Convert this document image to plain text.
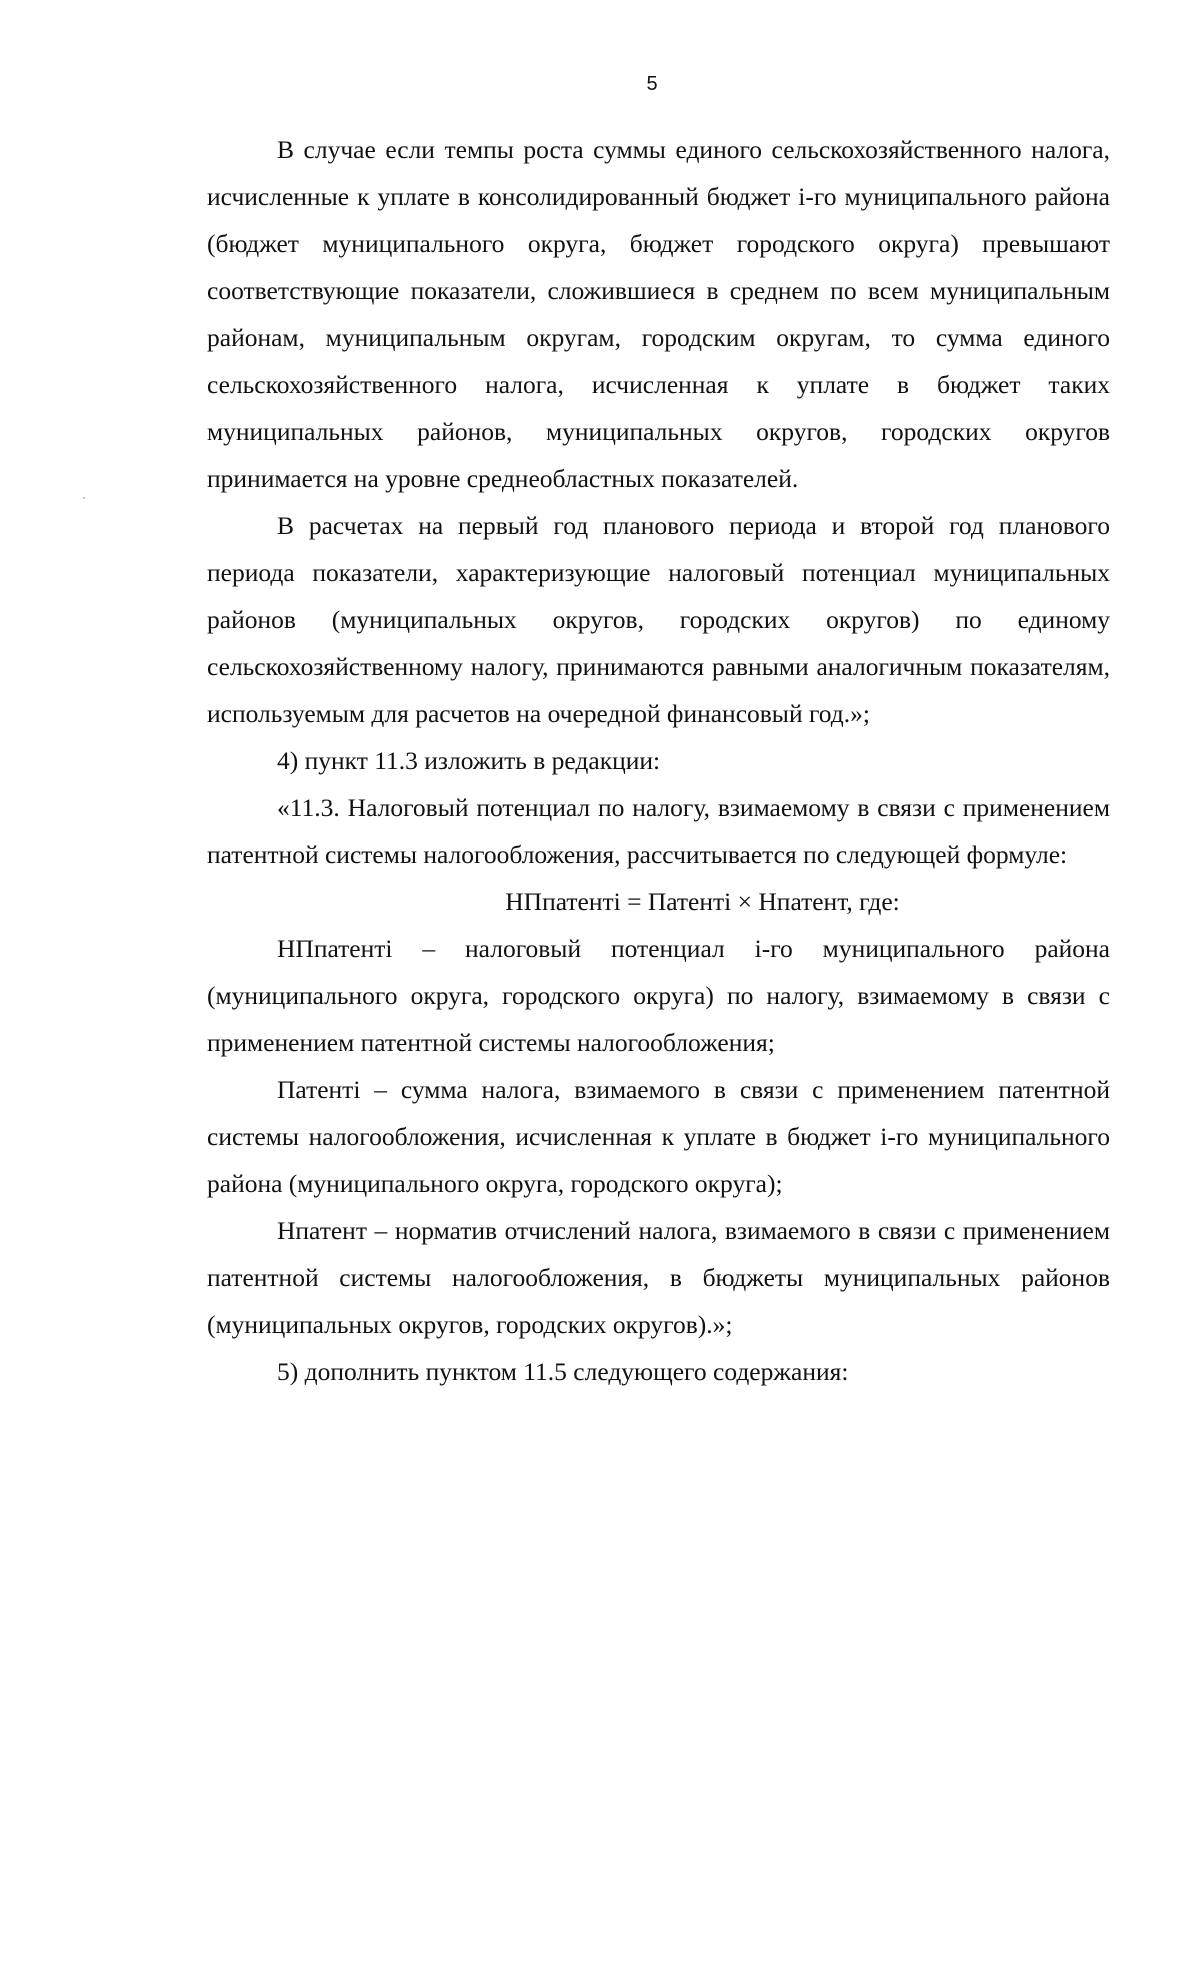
5

В случае если темпы роста суммы единого сельскохозяйственного налога, исчисленные к уплате в консолидированный бюджет i-го муниципального района (бюджет муниципального округа, бюджет городского округа) превышают соответствующие показатели, сложившиеся в среднем по всем муниципальным районам, муниципальным округам, городским округам, то сумма единого сельскохозяйственного налога, исчисленная к уплате в бюджет таких муниципальных районов, муниципальных округов, городских округов принимается на уровне среднеобластных показателей.

В расчетах на первый год планового периода и второй год планового периода показатели, характеризующие налоговый потенциал муниципальных районов (муниципальных округов, городских округов) по единому сельскохозяйственному налогу, принимаются равными аналогичным показателям, используемым для расчетов на очередной финансовый год.»;

4) пункт 11.3 изложить в редакции:

«11.3. Налоговый потенциал по налогу, взимаемому в связи с применением патентной системы налогообложения, рассчитывается по следующей формуле:

НПпатентi = Патентi × Нпатент, где:

НПпатентi – налоговый потенциал i-го муниципального района (муниципального округа, городского округа) по налогу, взимаемому в связи с применением патентной системы налогообложения;

Патентi – сумма налога, взимаемого в связи с применением патентной системы налогообложения, исчисленная к уплате в бюджет i-го муниципального района (муниципального округа, городского округа);

Нпатент – норматив отчислений налога, взимаемого в связи с применением патентной системы налогообложения, в бюджеты муниципальных районов (муниципальных округов, городских округов).»;

5) дополнить пунктом 11.5 следующего содержания:
